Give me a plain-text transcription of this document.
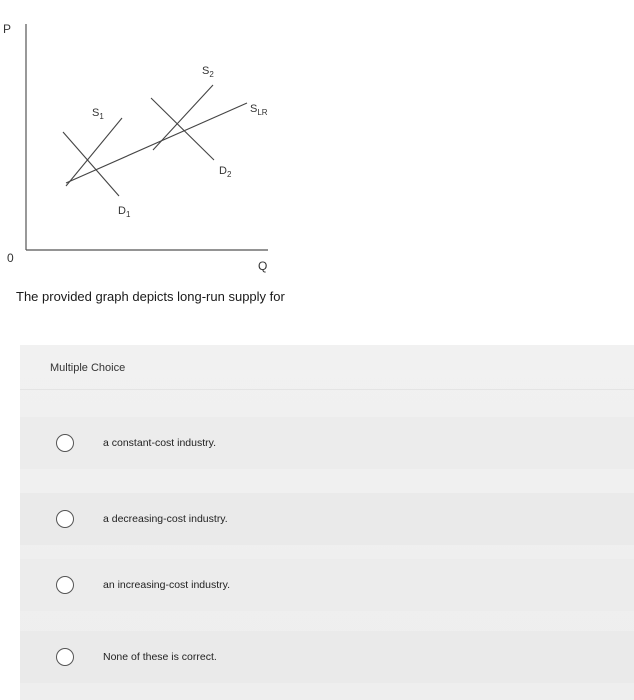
P
0
Q
$S_1$
$D_1$
$S_2$
$D_2$
$S_{LR}$
The provided graph depicts long-run supply for
Multiple Choice
a constant-cost industry.
a decreasing-cost industry.
an increasing-cost industry.
None of these is correct.
